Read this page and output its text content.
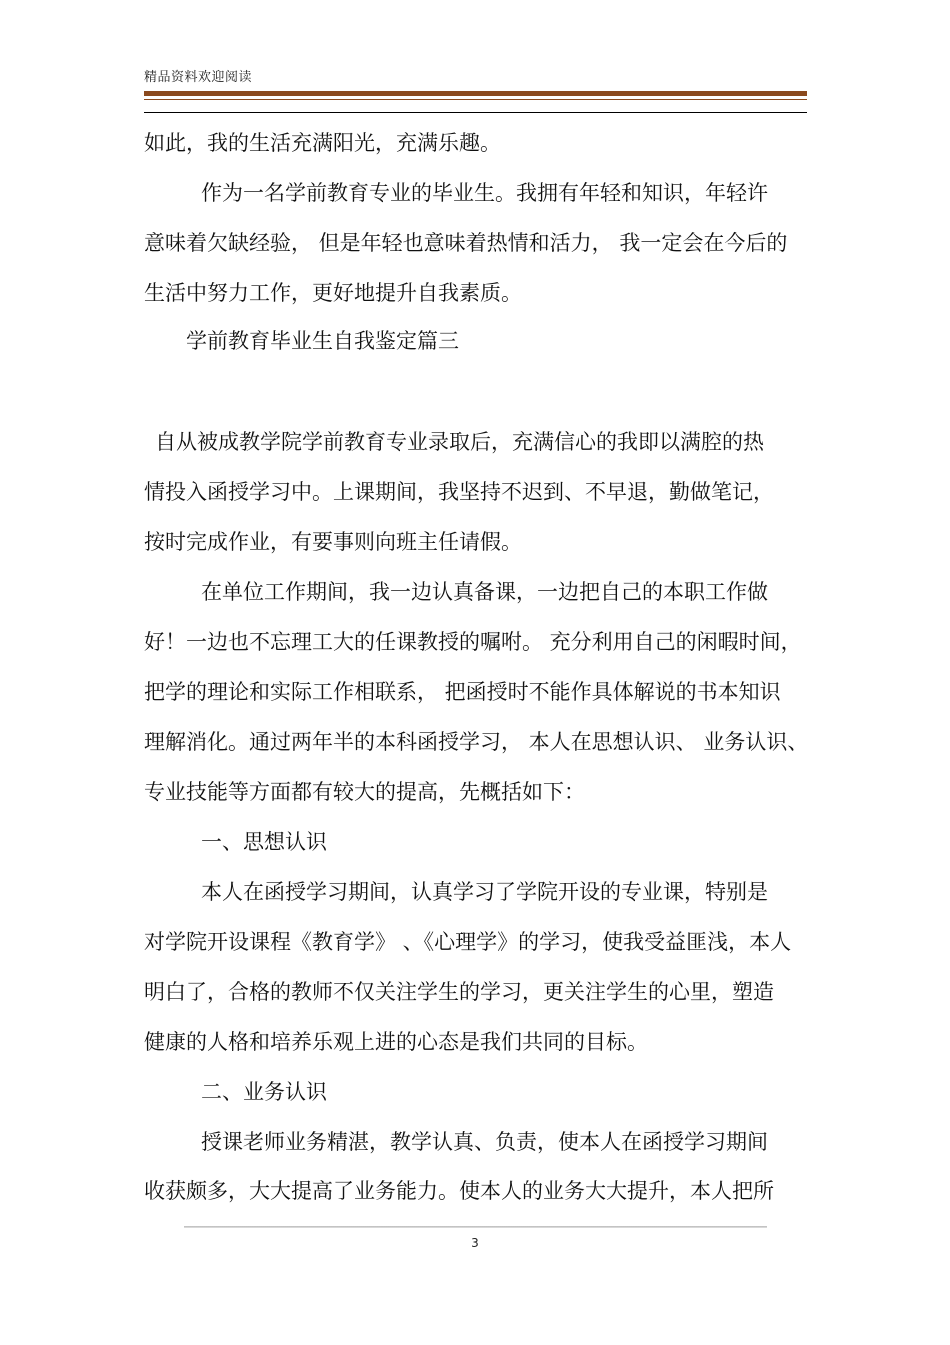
精品资料欢迎阅读
如此，我的生活充满阳光，充满乐趣。
作为一名学前教育专业的毕业生。我拥有年轻和知识，年轻许
意味着欠缺经验， 但是年轻也意味着热情和活力， 我一定会在今后的
生活中努力工作，更好地提升自我素质。
学前教育毕业生自我鉴定篇三
自从被成教学院学前教育专业录取后，充满信心的我即以满腔的热
情投入函授学习中。上课期间，我坚持不迟到、不早退，勤做笔记，
按时完成作业，有要事则向班主任请假。
在单位工作期间，我一边认真备课，一边把自己的本职工作做
好！一边也不忘理工大的任课教授的嘱咐。 充分利用自己的闲暇时间，
把学的理论和实际工作相联系， 把函授时不能作具体解说的书本知识
理解消化。通过两年半的本科函授学习， 本人在思想认识、 业务认识、
专业技能等方面都有较大的提高，先概括如下：
一、思想认识
本人在函授学习期间，认真学习了学院开设的专业课，特别是
对学院开设课程《教育学》 、《心理学》的学习，使我受益匪浅，本人
明白了，合格的教师不仅关注学生的学习，更关注学生的心里，塑造
健康的人格和培养乐观上进的心态是我们共同的目标。
二、业务认识
授课老师业务精湛，教学认真、负责，使本人在函授学习期间
收获颇多，大大提高了业务能力。使本人的业务大大提升，本人把所
3
